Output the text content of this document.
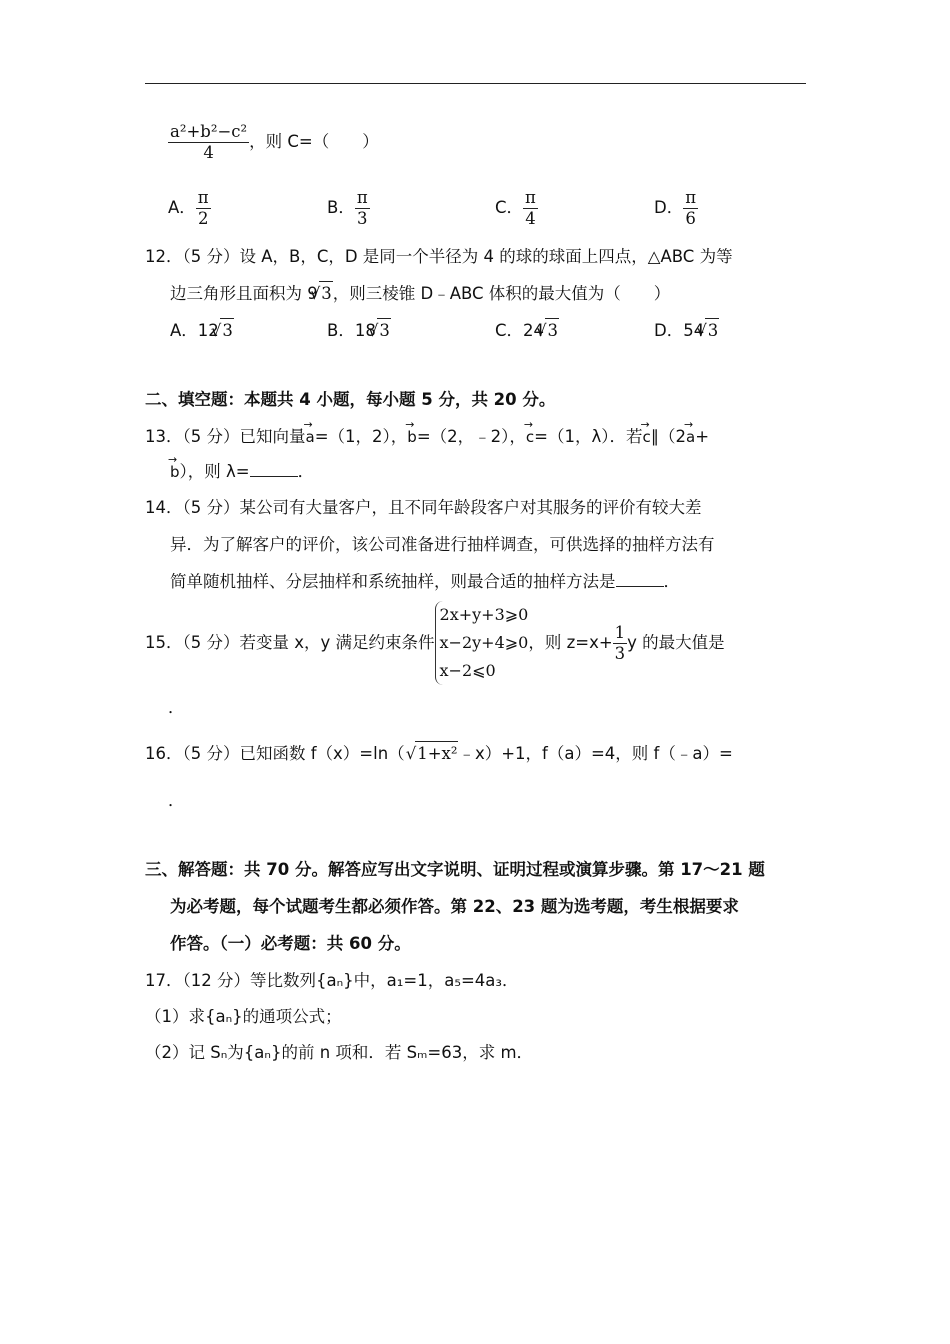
$\frac{\text{a²+b²−c²}}{4}$ ，则 C=（　　）
A． $\frac{\pi}{2}$	B． $\frac{\pi}{3}$	C． $\frac{\pi}{4}$	D． $\frac{\pi}{6}$
12．（5 分）设 A，B，C，D 是同一个半径为 4 的球的球面上四点，△ABC 为等
边三角形且面积为 9 √ 3，则三棱锥 D﹣ABC 体积的最大值为（　　）
A．12 √ 3	B．18 √ 3	C．24 √ 3	D．54 √ 3
二、填空题：本题共 4 小题，每小题 5 分，共 20 分。
13．（5 分）已知向量→ a=（1，2），→ b=（2，﹣2），→ c=（1，λ）．若→ c∥（2→ a+
→ b），则 λ=	．
14．（5 分）某公司有大量客户，且不同年龄段客户对其服务的评价有较大差
异．为了解客户的评价，该公司准备进行抽样调查，可供选择的抽样方法有
简单随机抽样、分层抽样和系统抽样，则最合适的抽样方法是	．
15．（5 分）若变量 x，y 满足约束条件
2x+y+3⩾0
x−2y+4⩾0
x−2⩽0
，则 $z=x+ \frac{1}{3}$ y 的最大值是
．
16．（5 分）已知函数 f（x）=ln（ √ 1+x²﹣x）+1，f（a）=4，则 f（﹣a）=
．
三、解答题：共 70 分。解答应写出文字说明、证明过程或演算步骤。第 17～21 题
为必考题，每个试题考生都必须作答。第 22、23 题为选考题，考生根据要求
作答。（一）必考题：共 60 分。
17．（12 分）等比数列{aₙ}中，a₁=1，a₅=4a₃．
（1）求{aₙ}的通项公式；
（2）记 Sₙ为{aₙ}的前 n 项和．若 Sₘ=63，求 m．
